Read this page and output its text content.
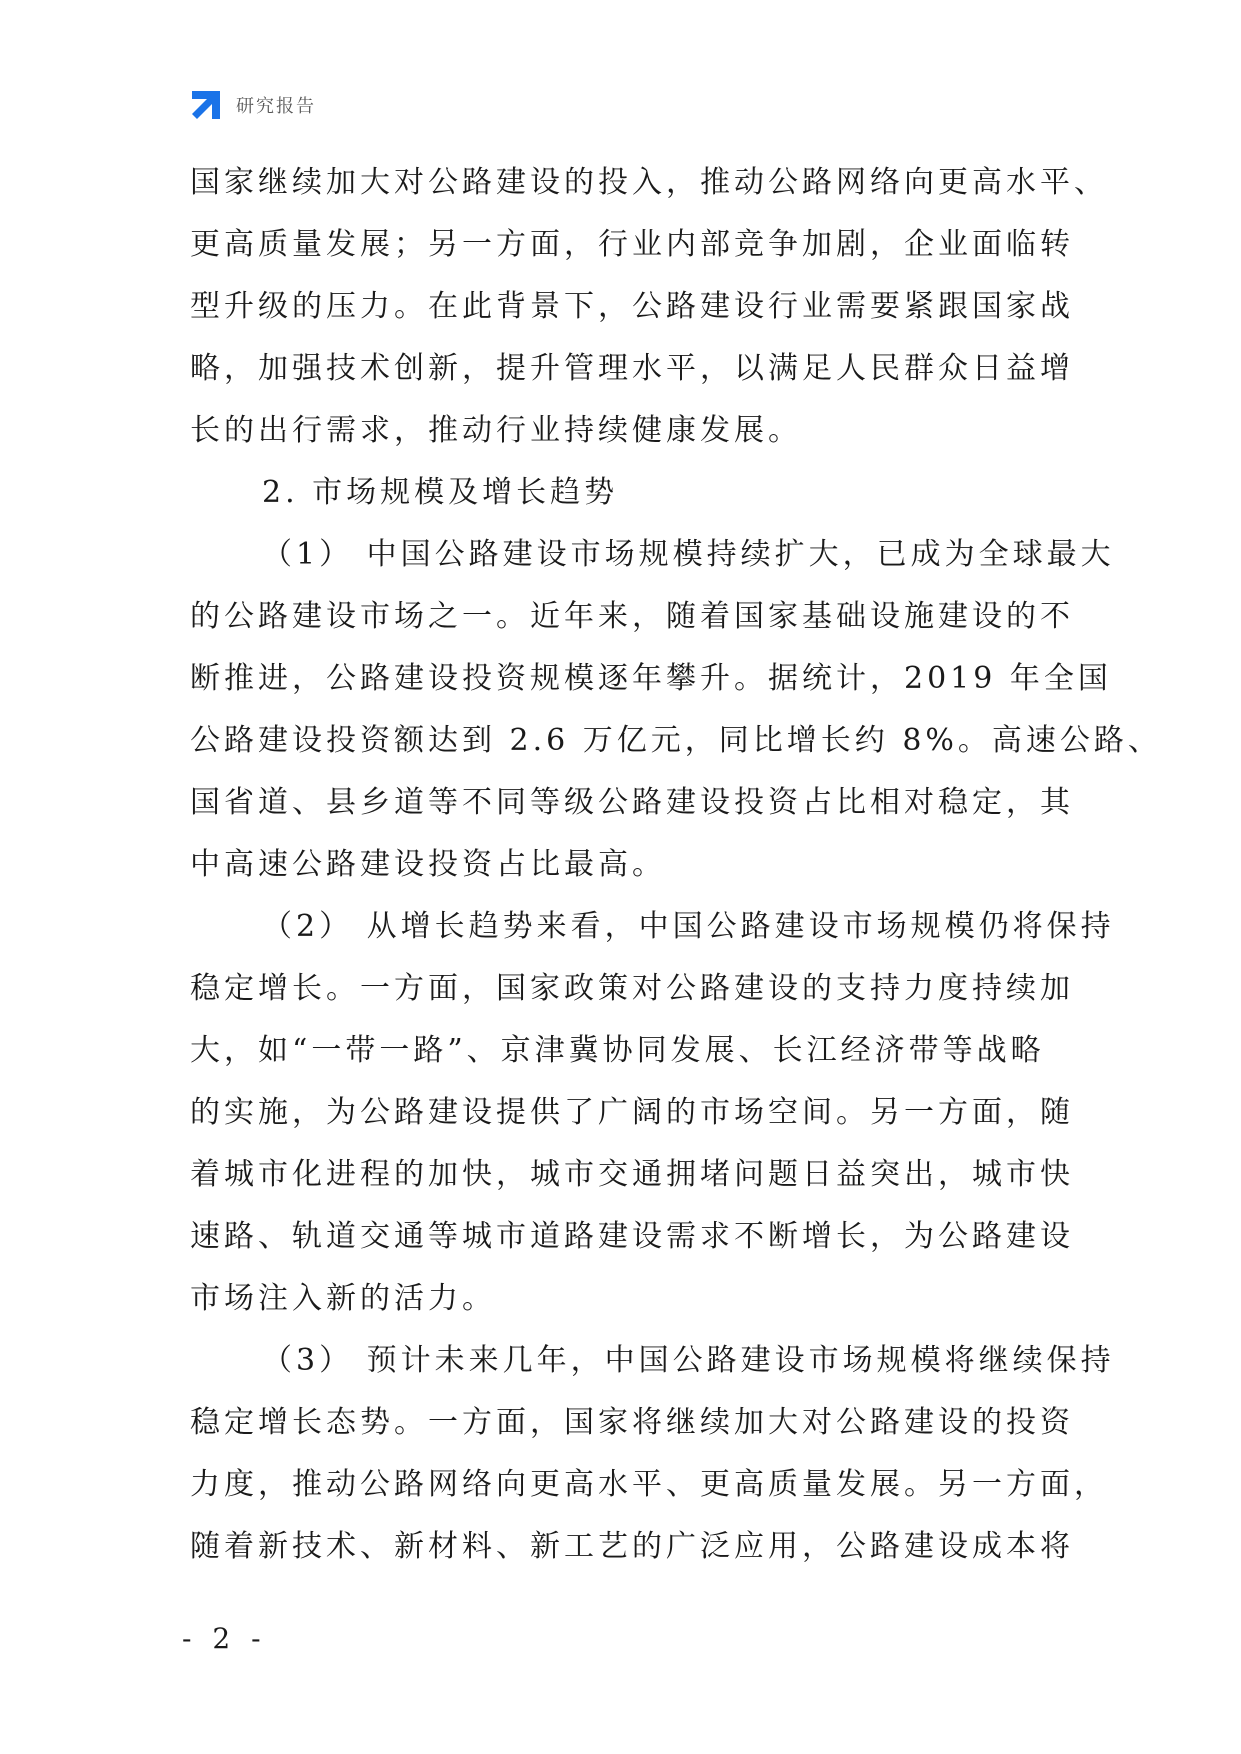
研究报告
国家继续加大对公路建设的投入，推动公路网络向更高水平、
更高质量发展；另一方面，行业内部竞争加剧，企业面临转
型升级的压力。在此背景下，公路建设行业需要紧跟国家战
略，加强技术创新，提升管理水平，以满足人民群众日益增
长的出行需求，推动行业持续健康发展。
2. 市场规模及增长趋势
（1） 中国公路建设市场规模持续扩大，已成为全球最大
的公路建设市场之一。近年来，随着国家基础设施建设的不
断推进，公路建设投资规模逐年攀升。据统计，2019 年全国
公路建设投资额达到 2.6 万亿元，同比增长约 8%。高速公路、
国省道、县乡道等不同等级公路建设投资占比相对稳定，其
中高速公路建设投资占比最高。
（2） 从增长趋势来看，中国公路建设市场规模仍将保持
稳定增长。一方面，国家政策对公路建设的支持力度持续加
大，如“一带一路”、京津冀协同发展、长江经济带等战略
的实施，为公路建设提供了广阔的市场空间。另一方面，随
着城市化进程的加快，城市交通拥堵问题日益突出，城市快
速路、轨道交通等城市道路建设需求不断增长，为公路建设
市场注入新的活力。
（3） 预计未来几年，中国公路建设市场规模将继续保持
稳定增长态势。一方面，国家将继续加大对公路建设的投资
力度，推动公路网络向更高水平、更高质量发展。另一方面，
随着新技术、新材料、新工艺的广泛应用，公路建设成本将
- 2 -
